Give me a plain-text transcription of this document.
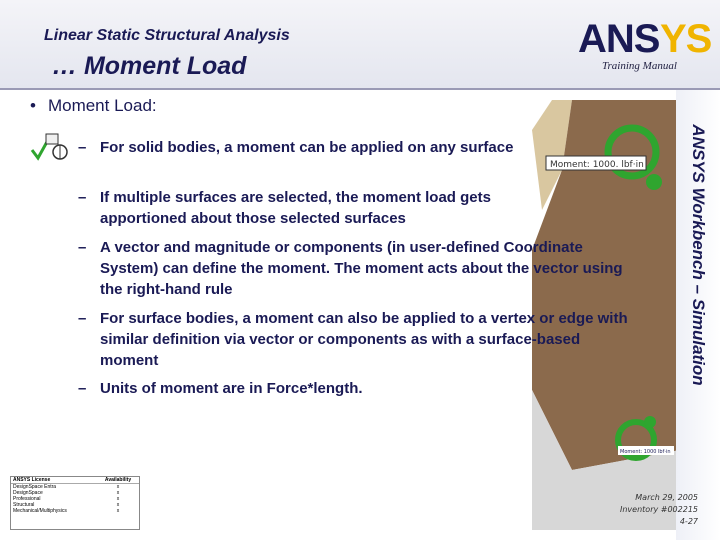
Linear Static Structural Analysis
… Moment Load
ANS YS
Training Manual
Moment: 1000. lbf·in
Moment: 1000 lbf·in
• Moment Load:
– For solid bodies, a moment can be applied on any surface
– If multiple surfaces are selected, the moment load gets apportioned about those selected surfaces
– A vector and magnitude or components (in user-defined Coordinate System) can define the moment. The moment acts about the vector using the right-hand rule
– For surface bodies, a moment can also be applied to a vertex or edge with similar definition via vector or components as with a surface-based moment
– Units of moment are in Force*length.
ANSYS Workbench – Simulation
ANSYS License	Availability
DesignSpace Entra	x
DesignSpace	x
Professional	x
Structural	x
Mechanical/Multiphysics	x
March 29, 2005
Inventory #002215
4-27
